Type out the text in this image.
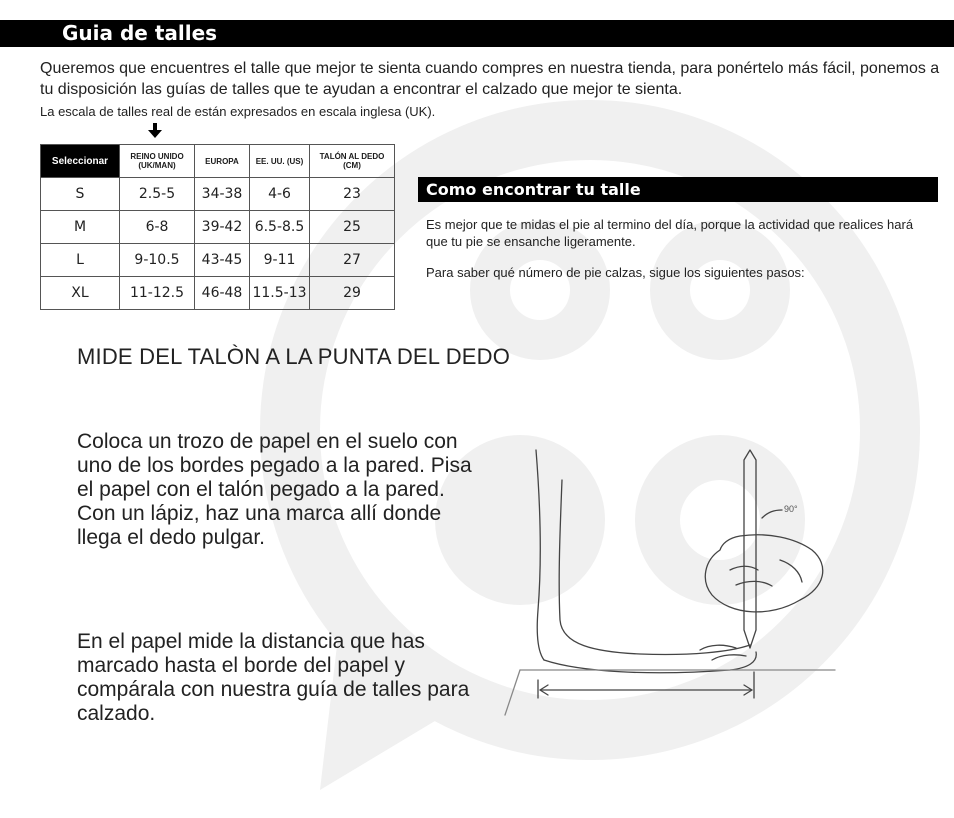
Guia de talles
Queremos que encuentres el talle que mejor te sienta cuando compres en nuestra tienda, para ponértelo más fácil, ponemos a tu disposición las guías de talles que te ayudan a encontrar el calzado que mejor te sienta.
La escala de talles real de están expresados en escala inglesa (UK).
Seleccionar	REINO UNIDO (UK/MAN)	EUROPA	EE. UU. (US)	TALÓN AL DEDO (CM)
S	2.5-5	34-38	4-6	23
M	6-8	39-42	6.5-8.5	25
L	9-10.5	43-45	9-11	27
XL	11-12.5	46-48	11.5-13	29
Como encontrar tu talle

Es mejor que te midas el pie al termino del día, porque la actividad que realices hará que tu pie se ensanche ligeramente.

Para saber qué número de pie calzas, sigue los siguientes pasos:

MIDE DEL TALÒN A LA PUNTA DEL DEDO
Coloca un trozo de papel en el suelo con uno de los bordes pegado a la pared. Pisa el papel con el talón pegado a la pared. Con un lápiz, haz una marca allí donde llega el dedo pulgar.
En el papel mide la distancia que has marcado hasta el borde del papel y compárala con nuestra guía de talles para calzado.
90°
